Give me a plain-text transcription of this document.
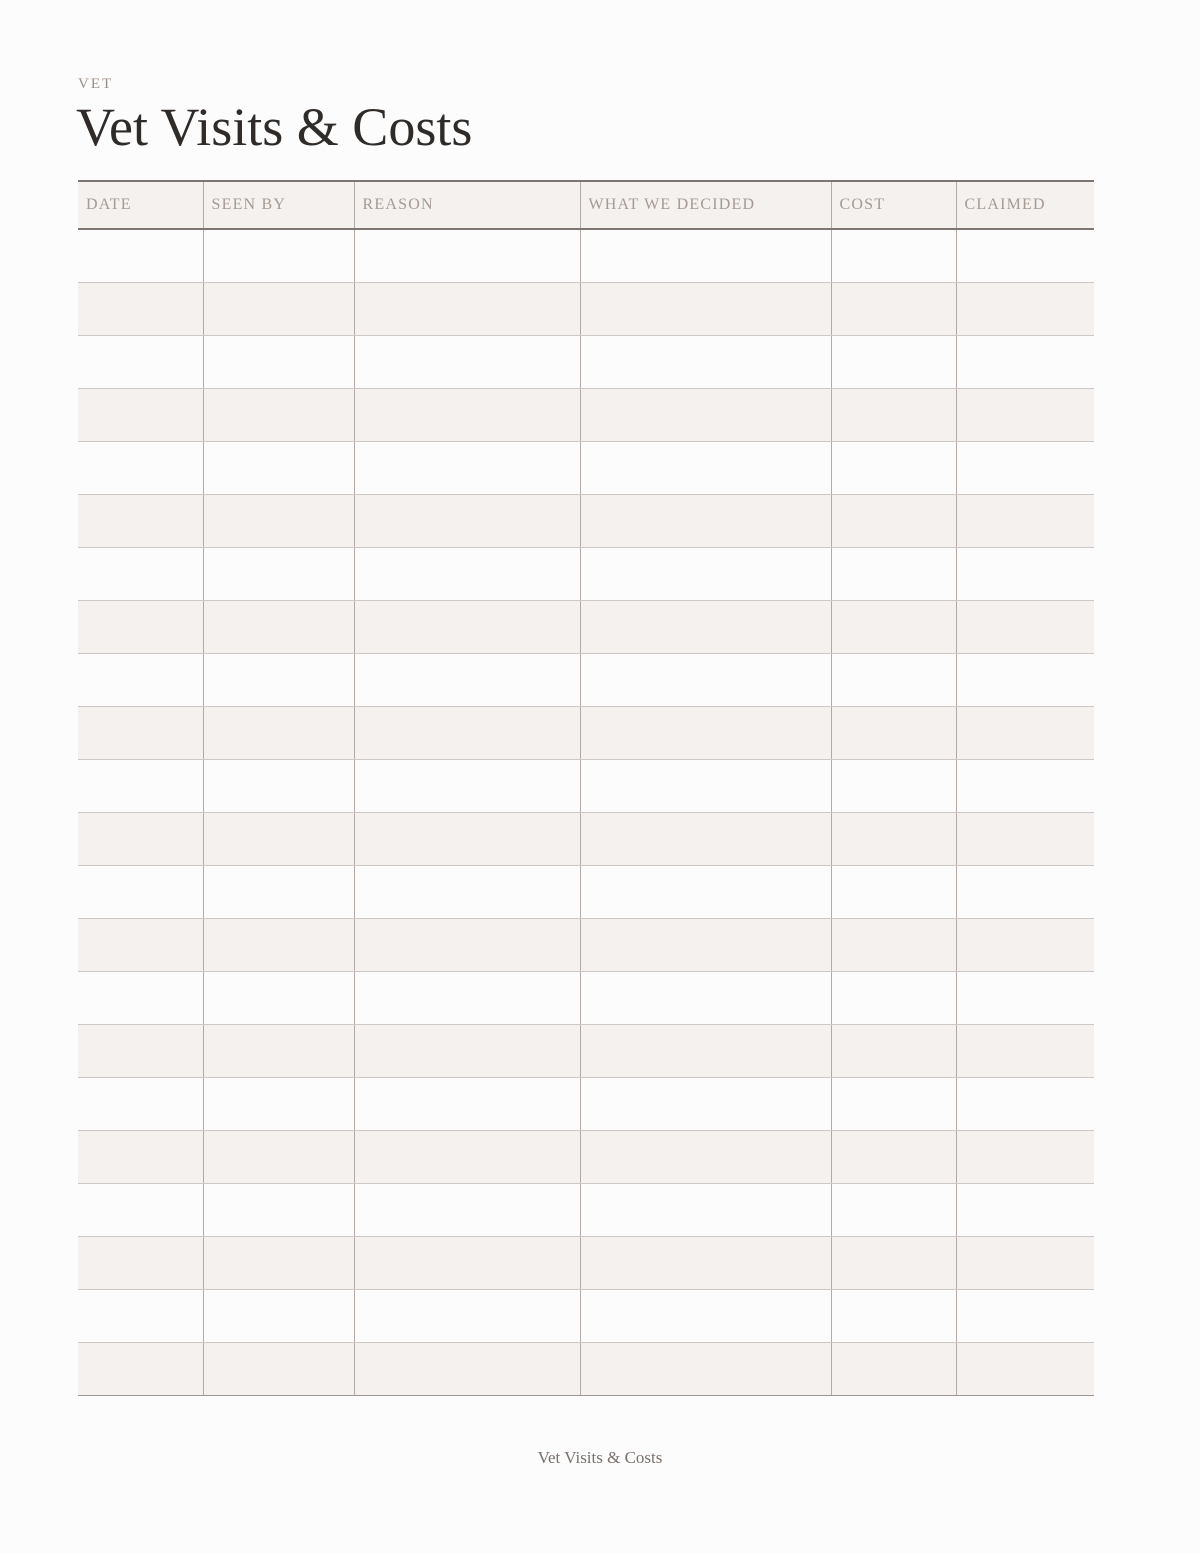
VET
Vet Visits & Costs
DATE	SEEN BY	REASON	WHAT WE DECIDED	COST	CLAIMED

Vet Visits & Costs
